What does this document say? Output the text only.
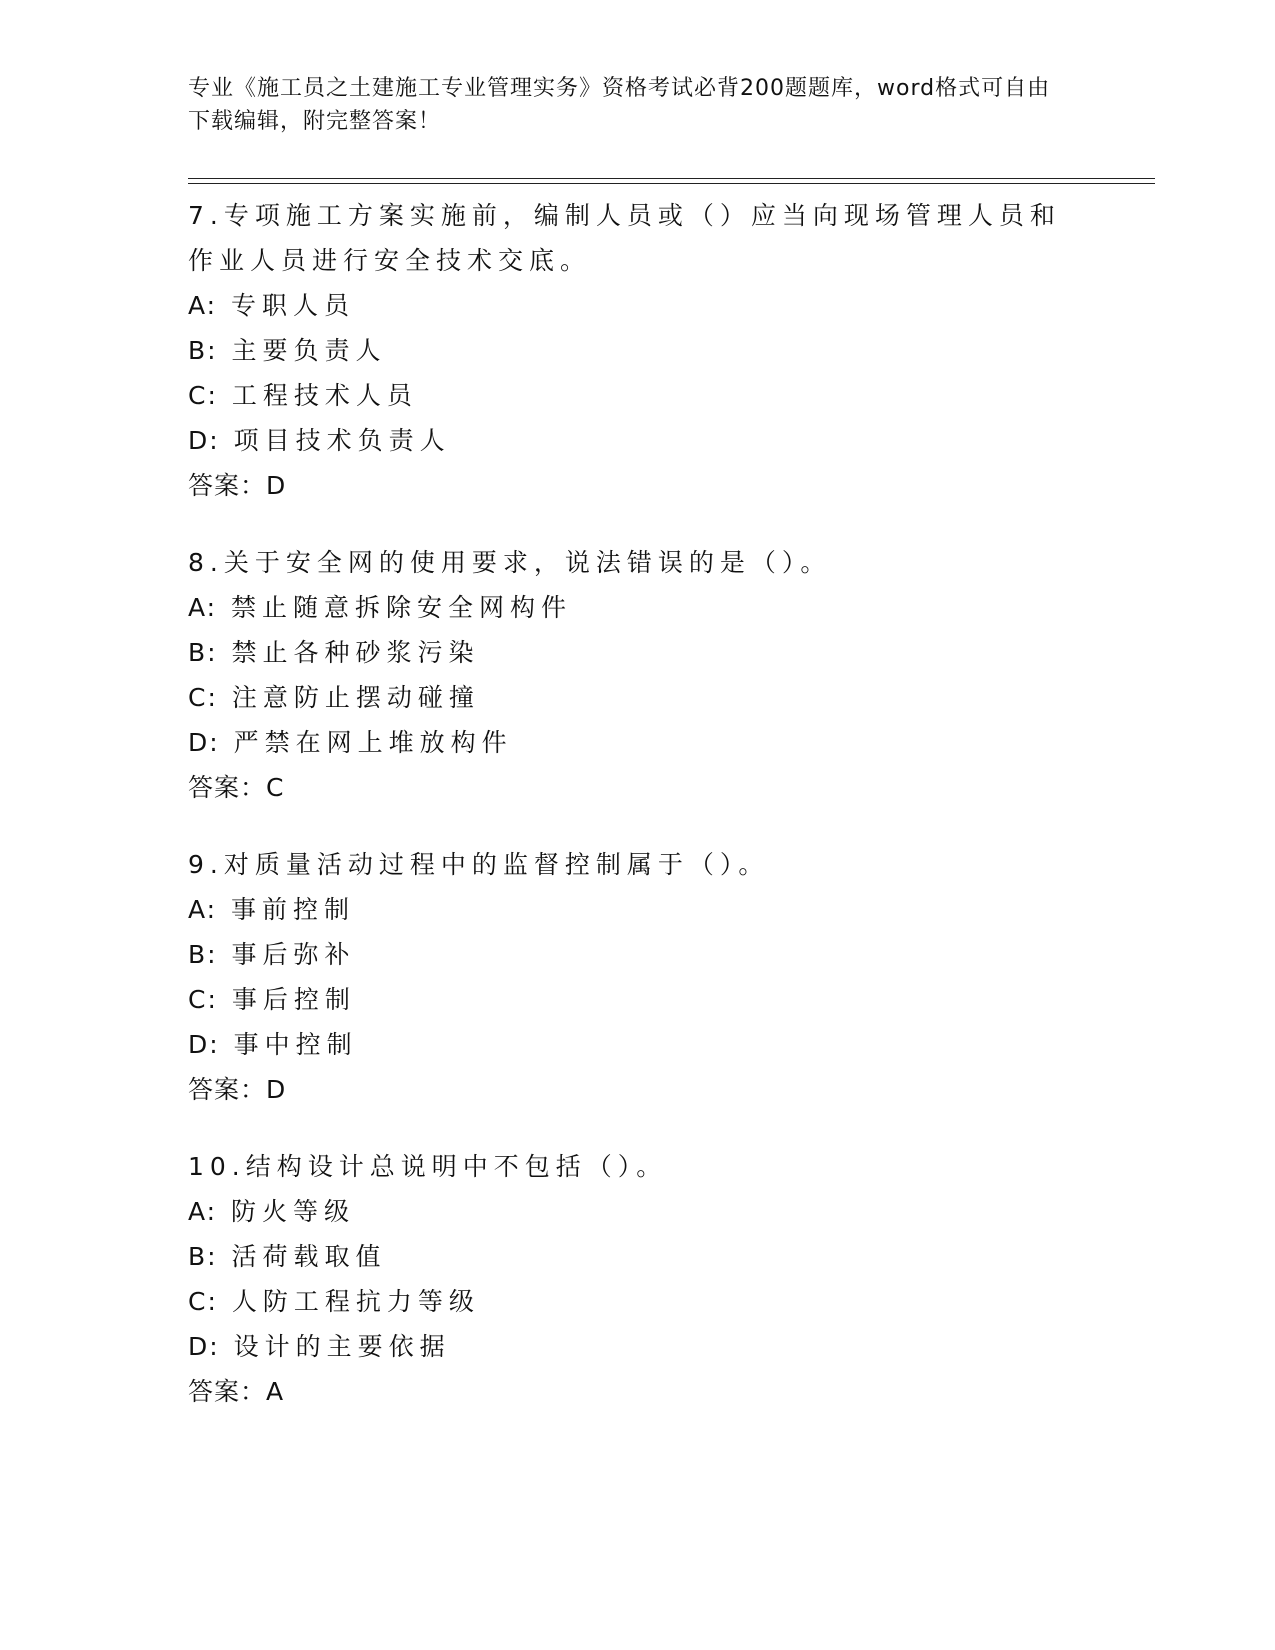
专业《施工员之土建施工专业管理实务》资格考试必背200题题库，word格式可自由下载编辑，附完整答案！
7.专项施工方案实施前，编制人员或（）应当向现场管理人员和作业人员进行安全技术交底。
A: 专职人员
B: 主要负责人
C: 工程技术人员
D: 项目技术负责人
答案：D
8.关于安全网的使用要求，说法错误的是（）。
A: 禁止随意拆除安全网构件
B: 禁止各种砂浆污染
C: 注意防止摆动碰撞
D: 严禁在网上堆放构件
答案：C
9.对质量活动过程中的监督控制属于（）。
A: 事前控制
B: 事后弥补
C: 事后控制
D: 事中控制
答案：D
10.结构设计总说明中不包括（）。
A: 防火等级
B: 活荷载取值
C: 人防工程抗力等级
D: 设计的主要依据
答案：A
